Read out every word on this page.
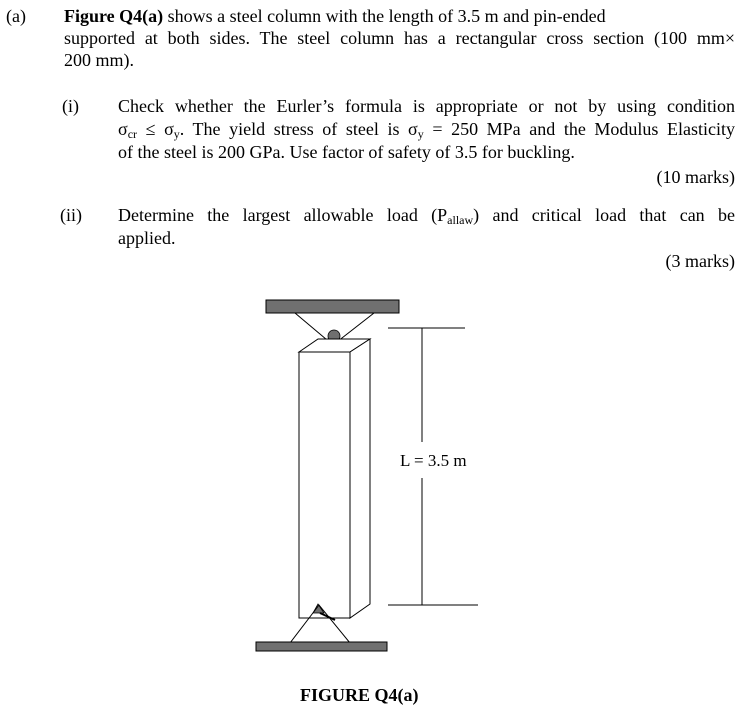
(a) Figure Q4(a) shows a steel column with the length of 3.5 m and pin-ended
supported at both sides. The steel column has a rectangular cross section (100 mm×
200 mm).
(i) Check whether the Eurler’s formula is appropriate or not by using condition
$\sigma_{cr} \le \sigma_y$. The yield stress of steel is $\sigma_y = 250$ MPa and the Modulus Elasticity
of the steel is 200 GPa. Use factor of safety of 3.5 for buckling.
(10 marks)
(ii) Determine the largest allowable load $(P_{allaw})$ and critical load that can be
applied.
(3 marks)
L = 3.5 m
FIGURE Q4(a)
